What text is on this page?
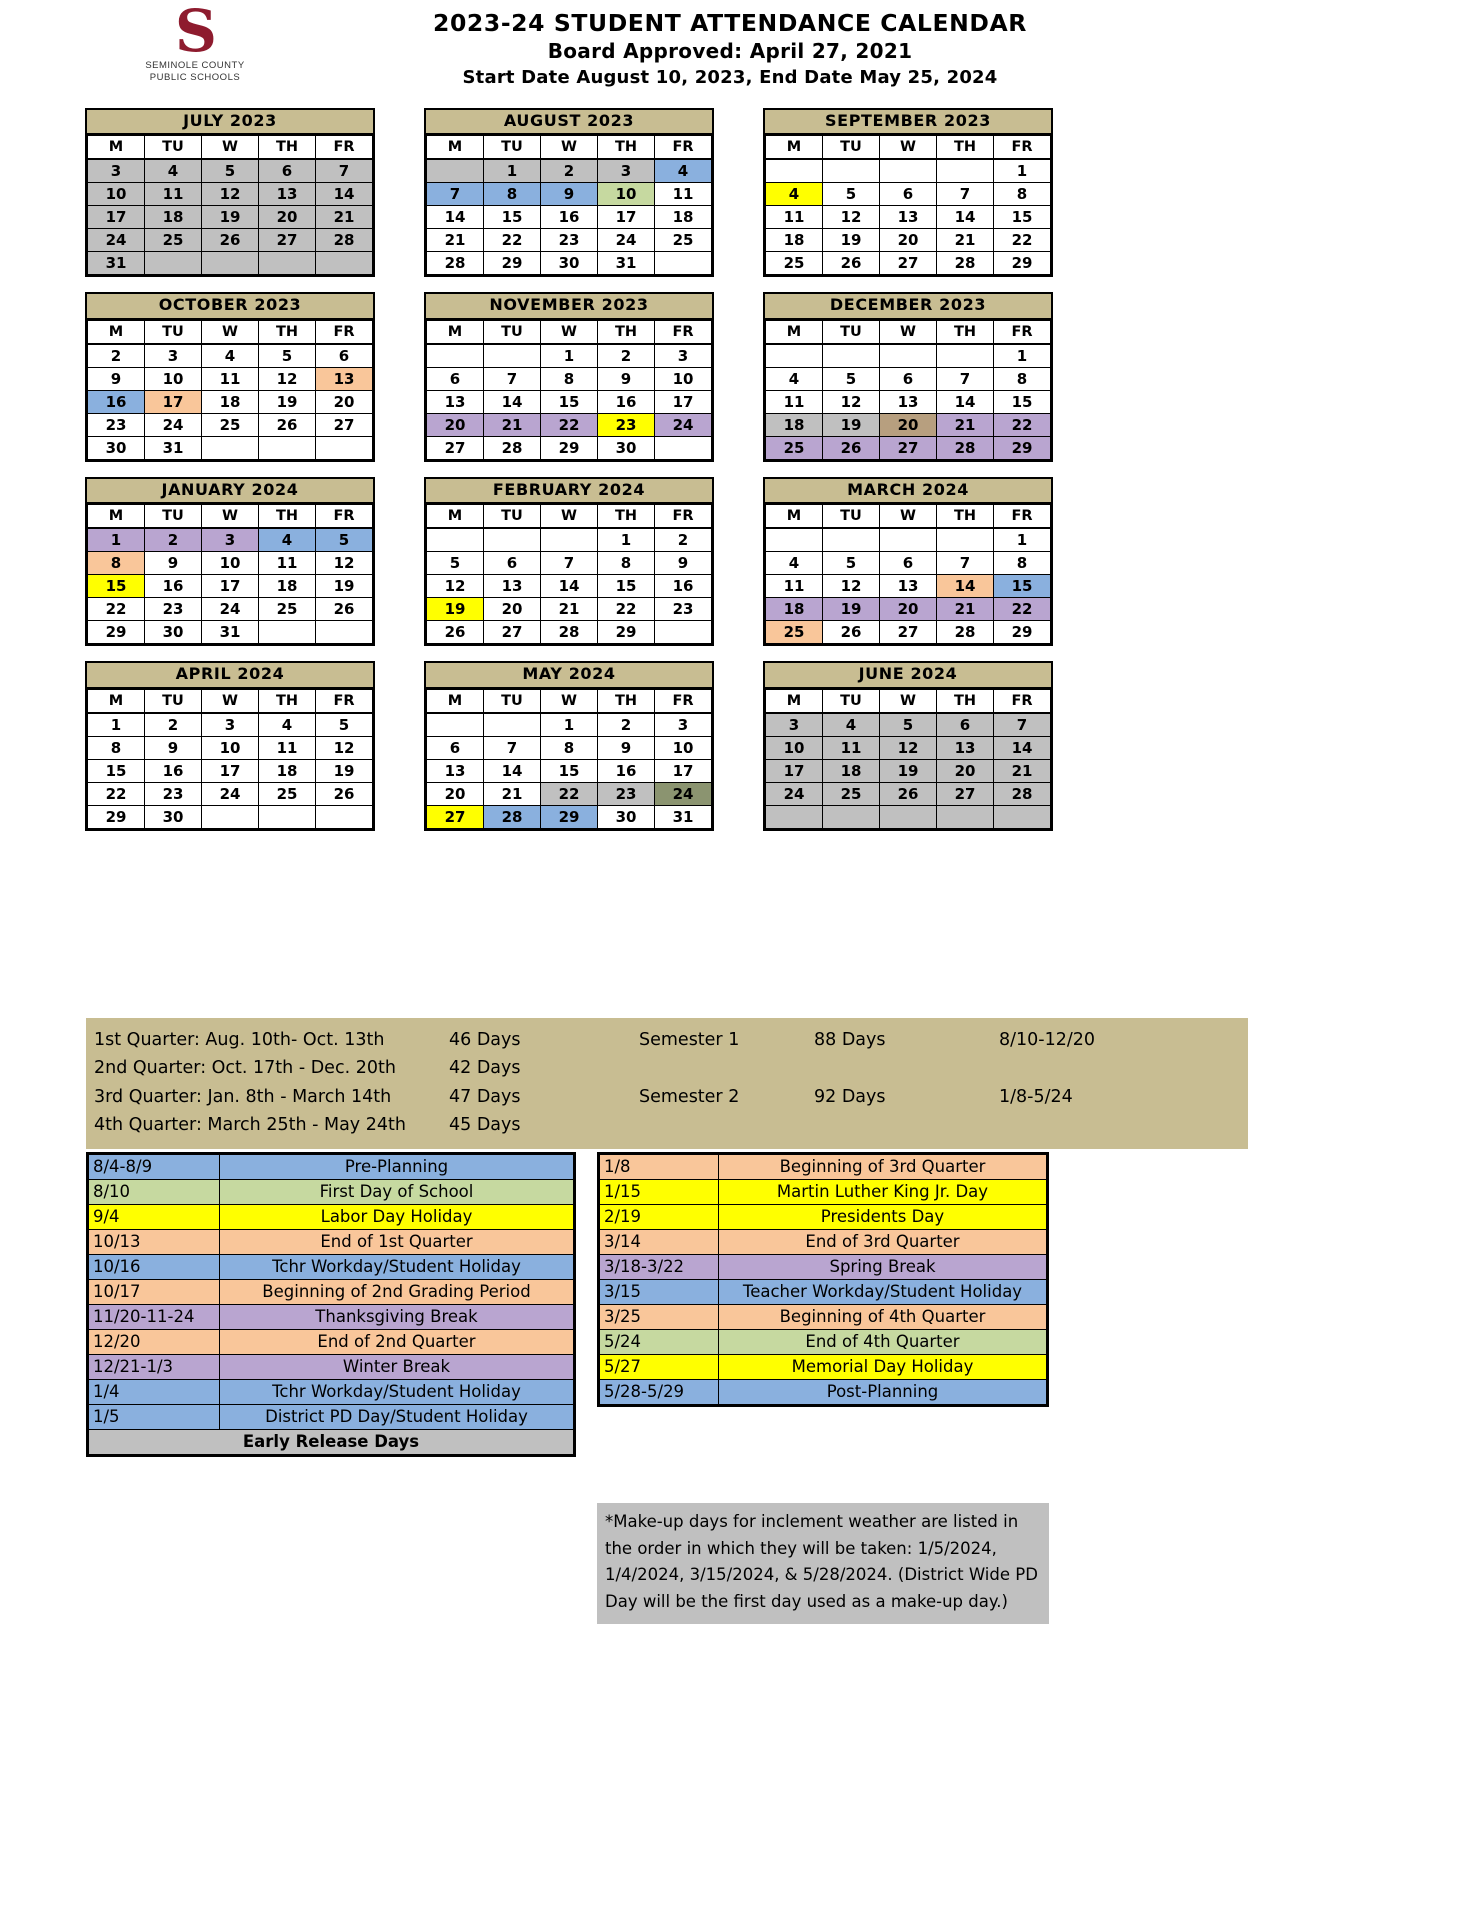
S
SEMINOLE COUNTY
PUBLIC SCHOOLS
2023-24 STUDENT ATTENDANCE CALENDAR
Board Approved: April 27, 2021
Start Date August 10, 2023, End Date May 25, 2024
JULY 2023
M	TU	W	TH	FR
3	4	5	6	7
10	11	12	13	14
17	18	19	20	21
24	25	26	27	28
31				
AUGUST 2023
M	TU	W	TH	FR
	1	2	3	4
7	8	9	10	11
14	15	16	17	18
21	22	23	24	25
28	29	30	31	
SEPTEMBER 2023
M	TU	W	TH	FR
				1
4	5	6	7	8
11	12	13	14	15
18	19	20	21	22
25	26	27	28	29
OCTOBER 2023
M	TU	W	TH	FR
2	3	4	5	6
9	10	11	12	13
16	17	18	19	20
23	24	25	26	27
30	31			
NOVEMBER 2023
M	TU	W	TH	FR
		1	2	3
6	7	8	9	10
13	14	15	16	17
20	21	22	23	24
27	28	29	30	
DECEMBER 2023
M	TU	W	TH	FR
				1
4	5	6	7	8
11	12	13	14	15
18	19	20	21	22
25	26	27	28	29
JANUARY 2024
M	TU	W	TH	FR
1	2	3	4	5
8	9	10	11	12
15	16	17	18	19
22	23	24	25	26
29	30	31		
FEBRUARY 2024
M	TU	W	TH	FR
			1	2
5	6	7	8	9
12	13	14	15	16
19	20	21	22	23
26	27	28	29	
MARCH 2024
M	TU	W	TH	FR
				1
4	5	6	7	8
11	12	13	14	15
18	19	20	21	22
25	26	27	28	29
APRIL 2024
M	TU	W	TH	FR
1	2	3	4	5
8	9	10	11	12
15	16	17	18	19
22	23	24	25	26
29	30			
MAY 2024
M	TU	W	TH	FR
		1	2	3
6	7	8	9	10
13	14	15	16	17
20	21	22	23	24
27	28	29	30	31
JUNE 2024
M	TU	W	TH	FR
3	4	5	6	7
10	11	12	13	14
17	18	19	20	21
24	25	26	27	28

1st Quarter: Aug. 10th- Oct. 13th	46 Days	Semester 1	88 Days	8/10-12/20
2nd Quarter: Oct. 17th - Dec. 20th	42 Days
3rd Quarter: Jan. 8th - March 14th	47 Days	Semester 2	92 Days	1/8-5/24
4th Quarter: March 25th - May 24th	45 Days
8/4-8/9	Pre-Planning
8/10	First Day of School
9/4	Labor Day Holiday
10/13	End of 1st Quarter
10/16	Tchr Workday/Student Holiday
10/17	Beginning of 2nd Grading Period
11/20-11-24	Thanksgiving Break
12/20	End of 2nd Quarter
12/21-1/3	Winter Break
1/4	Tchr Workday/Student Holiday
1/5	District PD Day/Student Holiday
Early Release Days	
1/8	Beginning of 3rd Quarter
1/15	Martin Luther King Jr. Day
2/19	Presidents Day
3/14	End of 3rd Quarter
3/18-3/22	Spring Break
3/15	Teacher Workday/Student Holiday
3/25	Beginning of 4th Quarter
5/24	End of 4th Quarter
5/27	Memorial Day Holiday
5/28-5/29	Post-Planning
*Make-up days for inclement weather are listed in the order in which they will be taken: 1/5/2024, 1/4/2024, 3/15/2024, & 5/28/2024. (District Wide PD Day will be the first day used as a make-up day.)
